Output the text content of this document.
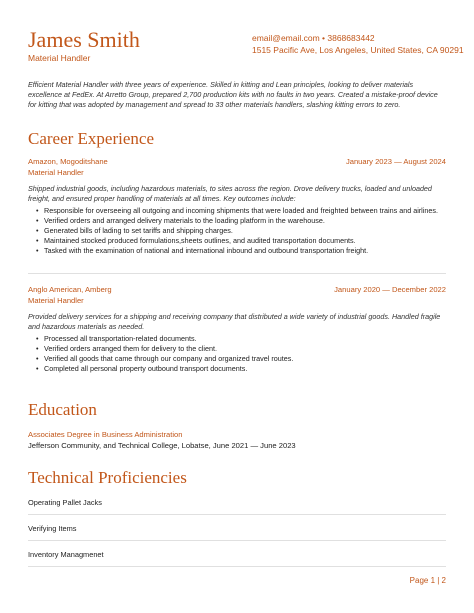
James Smith
Material Handler
email@email.com • 3868683442
1515 Pacific Ave, Los Angeles, United States, CA 90291
Efficient Material Handler with three years of experience. Skilled in kitting and Lean principles, looking to deliver materials excellence at FedEx. At Arretto Group, prepared 2,700 production kits with no faults in two years. Created a mistake-proof device for kitting that was adopted by management and spread to 33 other materials handlers, slashing kitting errors to zero.
Career Experience
Amazon, Mogoditshane	January 2023 — August 2024
Material Handler
Shipped industrial goods, including hazardous materials, to sites across the region. Drove delivery trucks, loaded and unloaded freight, and ensured proper handling of materials at all times. Key outcomes include:
• Responsible for overseeing all outgoing and incoming shipments that were loaded and freighted between trains and airlines.
• Verified orders and arranged delivery materials to the loading platform in the warehouse.
• Generated bills of lading to set tariffs and shipping charges.
• Maintained stocked produced formulations,sheets outlines, and audited transportation documents.
• Tasked with the examination of national and international inbound and outbound transportation freight.
Anglo American, Amberg	January 2020 — December 2022
Material Handler
Provided delivery services for a shipping and receiving company that distributed a wide variety of industrial goods. Handled fragile and hazardous materials as needed.
• Processed all transportation-related documents.
• Verified orders arranged them for delivery to the client.
• Verified all goods that came through our company and organized travel routes.
• Completed all personal property outbound transport documents.
Education
Associates Degree in Business Administration
Jefferson Community, and Technical College, Lobatse, June 2021 — June 2023
Technical Proficiencies
Operating Pallet Jacks
Verifying Items
Inventory Managmenet
Page 1 | 2
